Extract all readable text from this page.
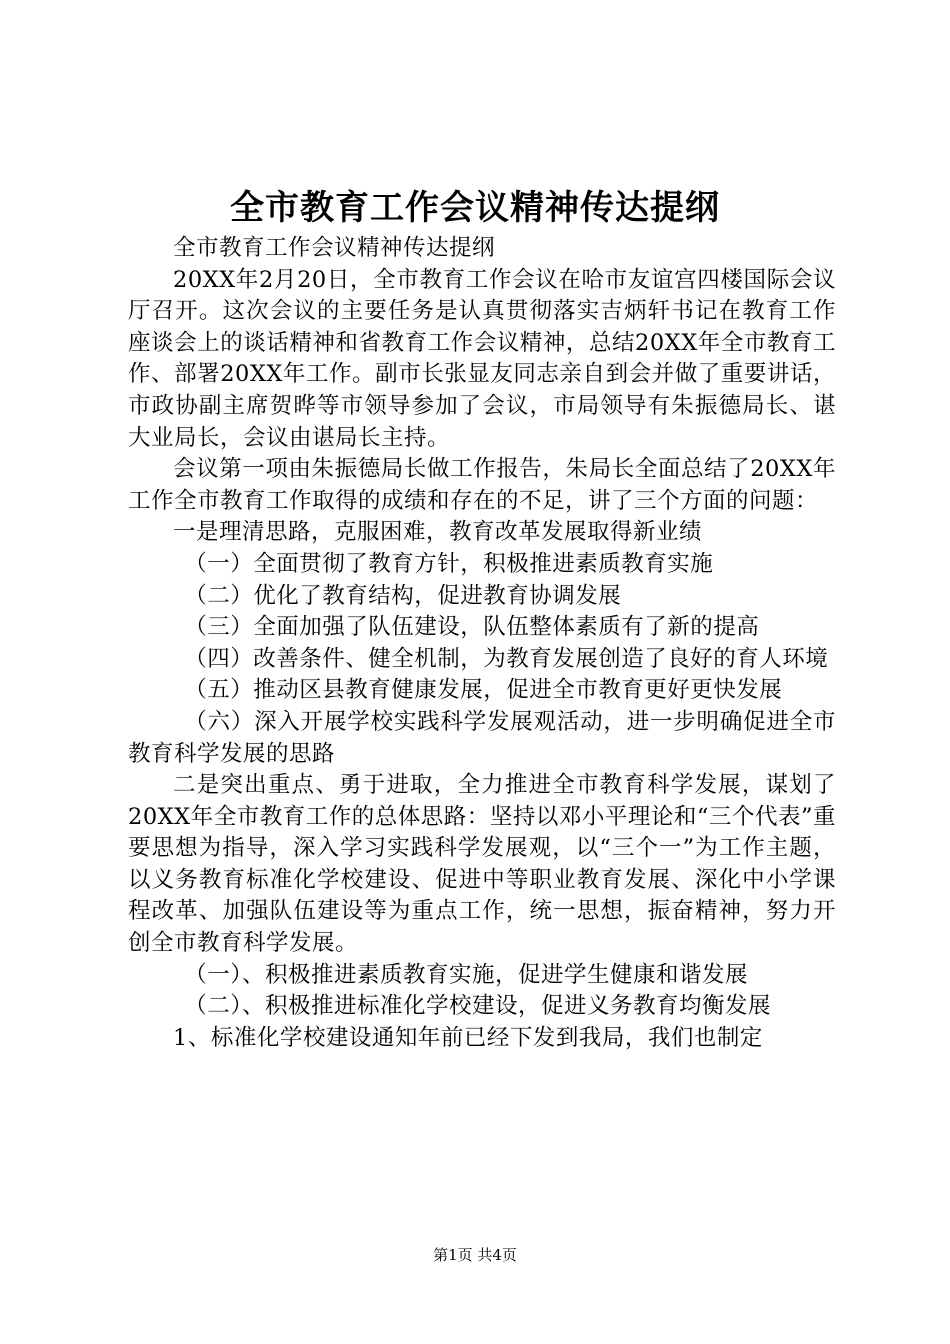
全市教育工作会议精神传达提纲

全市教育工作会议精神传达提纲

20XX年2月20日，全市教育工作会议在哈市友谊宫四楼国际会议厅召开。这次会议的主要任务是认真贯彻落实吉炳轩书记在教育工作座谈会上的谈话精神和省教育工作会议精神，总结20XX年全市教育工作、部署20XX年工作。副市长张显友同志亲自到会并做了重要讲话，市政协副主席贺晔等市领导参加了会议，市局领导有朱振德局长、谌大业局长，会议由谌局长主持。

会议第一项由朱振德局长做工作报告，朱局长全面总结了20XX年工作全市教育工作取得的成绩和存在的不足，讲了三个方面的问题：

一是理清思路，克服困难，教育改革发展取得新业绩

（一）全面贯彻了教育方针，积极推进素质教育实施

（二）优化了教育结构，促进教育协调发展

（三）全面加强了队伍建设，队伍整体素质有了新的提高

（四）改善条件、健全机制，为教育发展创造了良好的育人环境

（五）推动区县教育健康发展，促进全市教育更好更快发展

（六）深入开展学校实践科学发展观活动，进一步明确促进全市教育科学发展的思路

二是突出重点、勇于进取，全力推进全市教育科学发展，谋划了20XX年全市教育工作的总体思路：坚持以邓小平理论和“三个代表”重要思想为指导，深入学习实践科学发展观，以“三个一”为工作主题，以义务教育标准化学校建设、促进中等职业教育发展、深化中小学课程改革、加强队伍建设等为重点工作，统一思想，振奋精神，努力开创全市教育科学发展。

（一）、积极推进素质教育实施，促进学生健康和谐发展

（二）、积极推进标准化学校建设，促进义务教育均衡发展

1、标准化学校建设通知年前已经下发到我局，我们也制定

第1页 共4页
